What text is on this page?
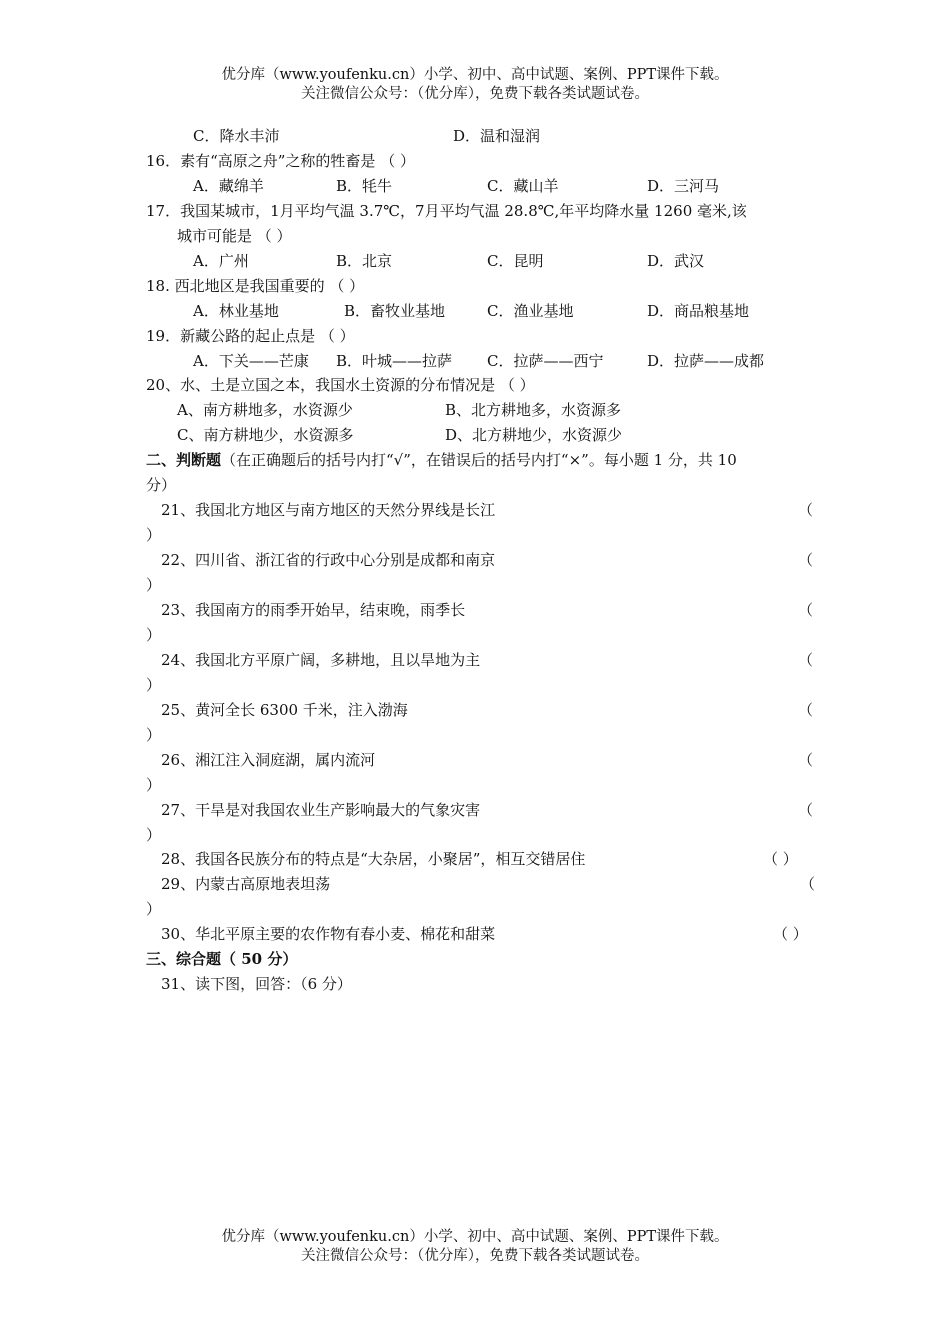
优分库（www.youfenku.cn）小学、初中、高中试题、案例、PPT课件下载。
关注微信公众号：（优分库），免费下载各类试题试卷。
C．降水丰沛	D．温和湿润
16．素有“高原之舟”之称的牲畜是 （ ）
A．藏绵羊	B．牦牛	C．藏山羊	D．三河马
17．我国某城市，1月平均气温 3.7℃，7月平均气温 28.8℃,年平均降水量 1260 毫米,该
城市可能是 （ ）
A．广州	B．北京	C．昆明	D．武汉
18. 西北地区是我国重要的 （ ）
A．林业基地	B．畜牧业基地	C．渔业基地	D．商品粮基地
19．新藏公路的起止点是 （ ）
A．下关——芒康 B．叶城——拉萨 C．拉萨——西宁	D．拉萨——成都
20、水、土是立国之本，我国水土资源的分布情况是 （ ）
A、南方耕地多，水资源少	B、北方耕地多，水资源多
C、南方耕地少，水资源多	D、北方耕地少，水资源少
二、判断题（在正确题后的括号内打“√”，在错误后的括号内打“×”。每小题 1 分，共 10
分）
21、我国北方地区与南方地区的天然分界线是长江	（
）
22、四川省、浙江省的行政中心分别是成都和南京	（
）
23、我国南方的雨季开始早，结束晚，雨季长	（
）
24、我国北方平原广阔，多耕地，且以旱地为主	（
）
25、黄河全长 6300 千米，注入渤海	（
）
26、湘江注入洞庭湖，属内流河	（
）
27、干旱是对我国农业生产影响最大的气象灾害	（
）
28、我国各民族分布的特点是“大杂居，小聚居”，相互交错居住	（ ）
29、内蒙古高原地表坦荡	（
）
30、华北平原主要的农作物有春小麦、棉花和甜菜	（ ）
三、综合题（ 50 分）
31、读下图，回答：（6 分）
优分库（www.youfenku.cn）小学、初中、高中试题、案例、PPT课件下载。
关注微信公众号：（优分库），免费下载各类试题试卷。
